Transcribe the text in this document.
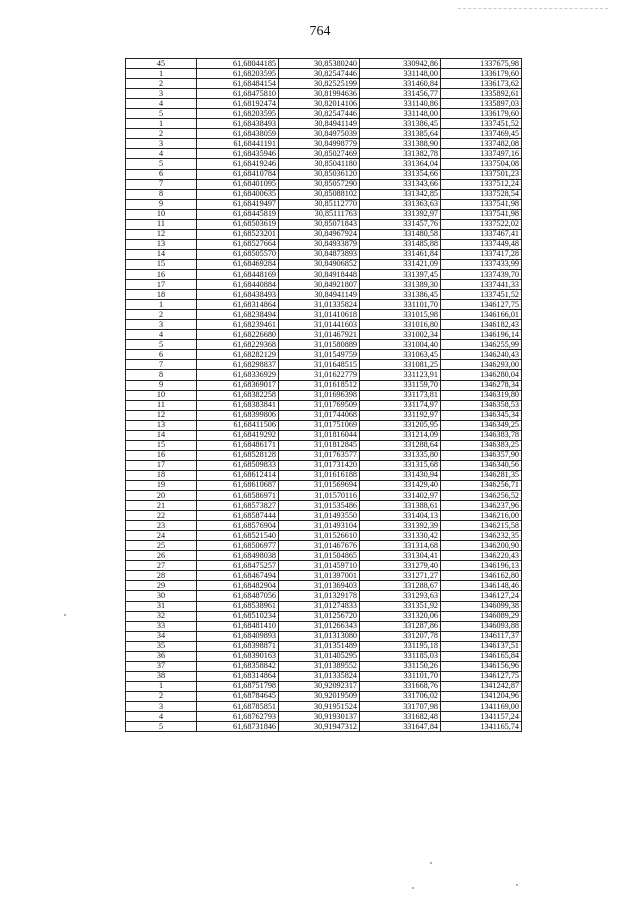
764
45	61,68044185	30,85380240	330942,86	1337675,98
1	61,68203595	30,82547446	331148,00	1336179,60
2	61,68484154	30,82525199	331460,84	1336173,62
3	61,68475810	30,81994636	331456,77	1335892,61
4	61,68192474	30,82014106	331140,86	1335897,03
5	61,68203595	30,82547446	331148,00	1336179,60
1	61,68438493	30,84941149	331386,45	1337451,52
2	61,68438059	30,84975039	331385,64	1337469,45
3	61,68441191	30,84998779	331388,90	1337482,08
4	61,68435946	30,85027469	331382,78	1337497,16
5	61,68419246	30,85041180	331364,04	1337504,08
6	61,68410784	30,85036120	331354,66	1337501,23
7	61,68401095	30,85057290	331343,66	1337512,24
8	61,68400635	30,85088102	331342,85	1337528,54
9	61,68419497	30,85112770	331363,63	1337541,98
10	61,68445819	30,85111763	331392,97	1337541,98
11	61,68503619	30,85071843	331457,76	1337522,02
12	61,68523201	30,84967924	331480,58	1337467,41
13	61,68527664	30,84933879	331485,88	1337449,48
14	61,68505570	30,84873893	331461,84	1337417,28
15	61,68469284	30,84906852	331421,09	1337433,99
16	61,68448169	30,84918448	331397,45	1337439,70
17	61,68440884	30,84921807	331389,30	1337441,33
18	61,68438493	30,84941149	331386,45	1337451,52
1	61,68314864	31,01335824	331101,70	1346127,75
2	61,68238494	31,01410618	331015,98	1346166,01
3	61,68239461	31,01441603	331016,80	1346182,43
4	61,68226680	31,01467921	331002,34	1346196,14
5	61,68229368	31,01580889	331004,40	1346255,99
6	61,68282129	31,01549759	331063,45	1346240,43
7	61,68298837	31,01648515	331081,25	1346293,00
8	61,68336929	31,01622779	331123,91	1346280,04
9	61,68369017	31,01618512	331159,70	1346278,34
10	61,68382258	31,01696398	331173,81	1346319,80
11	61,68383841	31,01769509	331174,97	1346358,53
12	61,68399806	31,01744068	331192,97	1346345,34
13	61,68411506	31,01751069	331205,95	1346349,25
14	61,68419292	31,01816044	331214,09	1346383,78
15	61,68486171	31,01812845	331288,64	1346383,25
16	61,68528128	31,01763577	331335,80	1346357,90
17	61,68509833	31,01731420	331315,68	1346340,56
18	61,68612414	31,01616188	331430,94	1346281,35
19	61,68610687	31,01569694	331429,40	1346256,71
20	61,68586971	31,01570116	331402,97	1346256,52
21	61,68573827	31,01535486	331388,61	1346237,96
22	61,68587444	31,01493550	331404,13	1346216,00
23	61,68576904	31,01493104	331392,39	1346215,58
24	61,68521540	31,01526610	331330,42	1346232,35
25	61,68506977	31,01467676	331314,68	1346200,90
26	61,68498038	31,01504865	331304,41	1346220,43
27	61,68475257	31,01459710	331279,40	1346196,13
28	61,68467494	31,01397001	331271,27	1346162,80
29	61,68482904	31,01369403	331288,67	1346148,46
30	61,68487056	31,01329178	331293,63	1346127,24
31	61,68538961	31,01274833	331351,92	1346099,38
32	61,68510234	31,01256720	331320,06	1346089,29
33	61,68481410	31,01266343	331287,86	1346093,88
34	61,68409893	31,01313080	331207,78	1346117,37
35	61,68398871	31,01351489	331195,18	1346137,51
36	61,68390163	31,01405295	331185,03	1346165,84
37	61,68358842	31,01389552	331150,26	1346156,96
38	61,68314864	31,01335824	331101,70	1346127,75
1	61,68751798	30,92092317	331668,76	1341242,87
2	61,68784645	30,92019509	331706,02	1341204,96
3	61,68785851	30,91951524	331707,98	1341169,00
4	61,68762793	30,91930137	331682,48	1341157,24
5	61,68731846	30,91947312	331647,84	1341165,74
